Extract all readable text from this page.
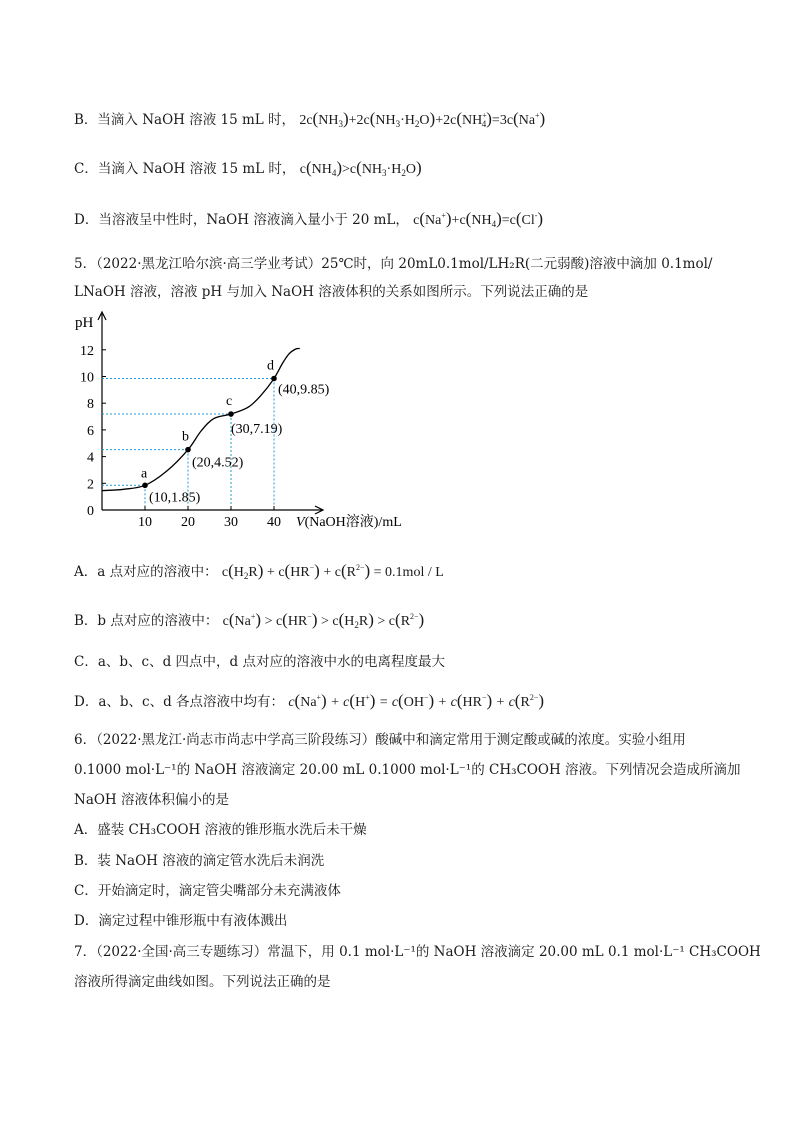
B．当滴入 NaOH 溶液 15 mL 时， $2c(NH_3)+2c(NH_3\cdot H_2O)+2c(NH^+_4)=3c(Na^+)$
C．当滴入 NaOH 溶液 15 mL 时， $c(NH_4)>c(NH_3\cdot H_2O)$
D．当溶液呈中性时，NaOH 溶液滴入量小于 20 mL， $c(Na^+)+c(NH_4)=c(Cl^-)$
5．（2022·黑龙江哈尔滨·高三学业考试）25℃时，向 20mL0.1mol/LH₂R(二元弱酸)溶液中滴加 0.1mol/
LNaOH 溶液，溶液 pH 与加入 NaOH 溶液体积的关系如图所示。下列说法正确的是
pH
V(NaOH溶液)/mL
0
2
4
6
8
10
12
10 20 30 40
a
(10,1.85)
b
(20,4.52)
c
(30,7.19)
d
(40,9.85)
A．a 点对应的溶液中： $c(H_2R) + c(HR^-) + c(R^{2-}) = 0.1mol / L$
B．b 点对应的溶液中： $c(Na^+) > c(HR^-) > c(H_2R) > c(R^{2-})$
C．a、b、c、d 四点中，d 点对应的溶液中水的电离程度最大
D．a、b、c、d 各点溶液中均有： $c(Na^+) + c(H^+) = c(OH^-) + c(HR^-) + c(R^{2-})$
6．（2022·黑龙江·尚志市尚志中学高三阶段练习）酸碱中和滴定常用于测定酸或碱的浓度。实验小组用
0.1000 mol·L⁻¹的 NaOH 溶液滴定 20.00 mL 0.1000 mol·L⁻¹的 CH₃COOH 溶液。下列情况会造成所滴加
NaOH 溶液体积偏小的是
A．盛装 CH₃COOH 溶液的锥形瓶水洗后未干燥
B．装 NaOH 溶液的滴定管水洗后未润洗
C．开始滴定时，滴定管尖嘴部分未充满液体
D．滴定过程中锥形瓶中有液体溅出
7．（2022·全国·高三专题练习）常温下，用 0.1 mol·L⁻¹的 NaOH 溶液滴定 20.00 mL 0.1 mol·L⁻¹ CH₃COOH
溶液所得滴定曲线如图。下列说法正确的是
